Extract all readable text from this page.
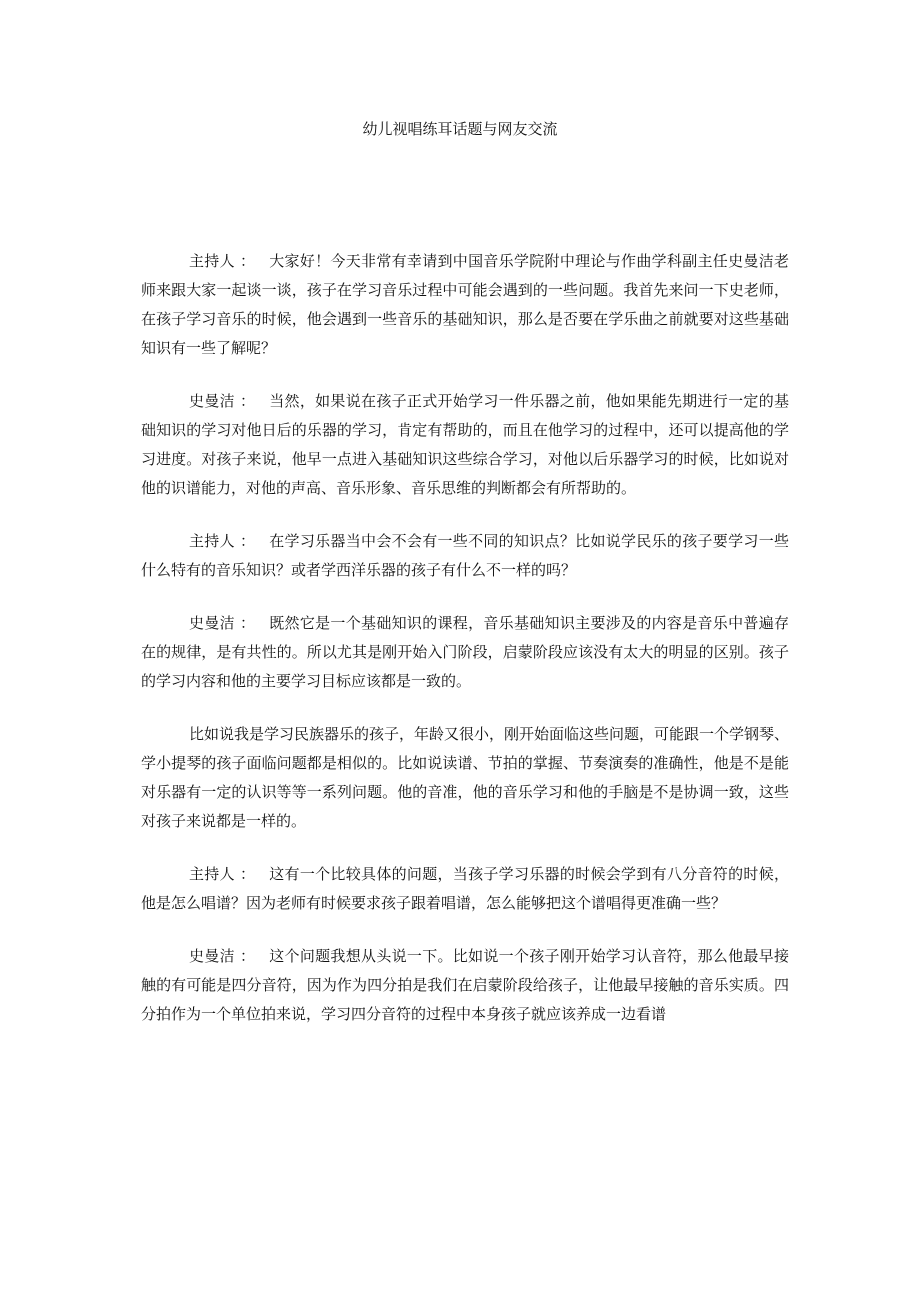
幼儿视唱练耳话题与网友交流

主持人 ： 大家好！今天非常有幸请到中国音乐学院附中理论与作曲学科副主任史曼洁老师来跟大家一起谈一谈，孩子在学习音乐过程中可能会遇到的一些问题。我首先来问一下史老师，在孩子学习音乐的时候，他会遇到一些音乐的基础知识，那么是否要在学乐曲之前就要对这些基础知识有一些了解呢？

史曼洁 ： 当然，如果说在孩子正式开始学习一件乐器之前，他如果能先期进行一定的基础知识的学习对他日后的乐器的学习，肯定有帮助的，而且在他学习的过程中，还可以提高他的学习进度。对孩子来说，他早一点进入基础知识这些综合学习，对他以后乐器学习的时候，比如说对他的识谱能力，对他的声高、音乐形象、音乐思维的判断都会有所帮助的。

主持人 ： 在学习乐器当中会不会有一些不同的知识点？比如说学民乐的孩子要学习一些什么特有的音乐知识？或者学西洋乐器的孩子有什么不一样的吗？

史曼洁 ： 既然它是一个基础知识的课程，音乐基础知识主要涉及的内容是音乐中普遍存在的规律，是有共性的。所以尤其是刚开始入门阶段，启蒙阶段应该没有太大的明显的区别。孩子的学习内容和他的主要学习目标应该都是一致的。

比如说我是学习民族器乐的孩子，年龄又很小，刚开始面临这些问题，可能跟一个学钢琴、学小提琴的孩子面临问题都是相似的。比如说读谱、节拍的掌握、节奏演奏的准确性，他是不是能对乐器有一定的认识等等一系列问题。他的音准，他的音乐学习和他的手脑是不是协调一致，这些对孩子来说都是一样的。

主持人 ： 这有一个比较具体的问题，当孩子学习乐器的时候会学到有八分音符的时候，他是怎么唱谱？因为老师有时候要求孩子跟着唱谱，怎么能够把这个谱唱得更准确一些？

史曼洁 ： 这个问题我想从头说一下。比如说一个孩子刚开始学习认音符，那么他最早接触的有可能是四分音符，因为作为四分拍是我们在启蒙阶段给孩子，让他最早接触的音乐实质。四分拍作为一个单位拍来说，学习四分音符的过程中本身孩子就应该养成一边看谱
